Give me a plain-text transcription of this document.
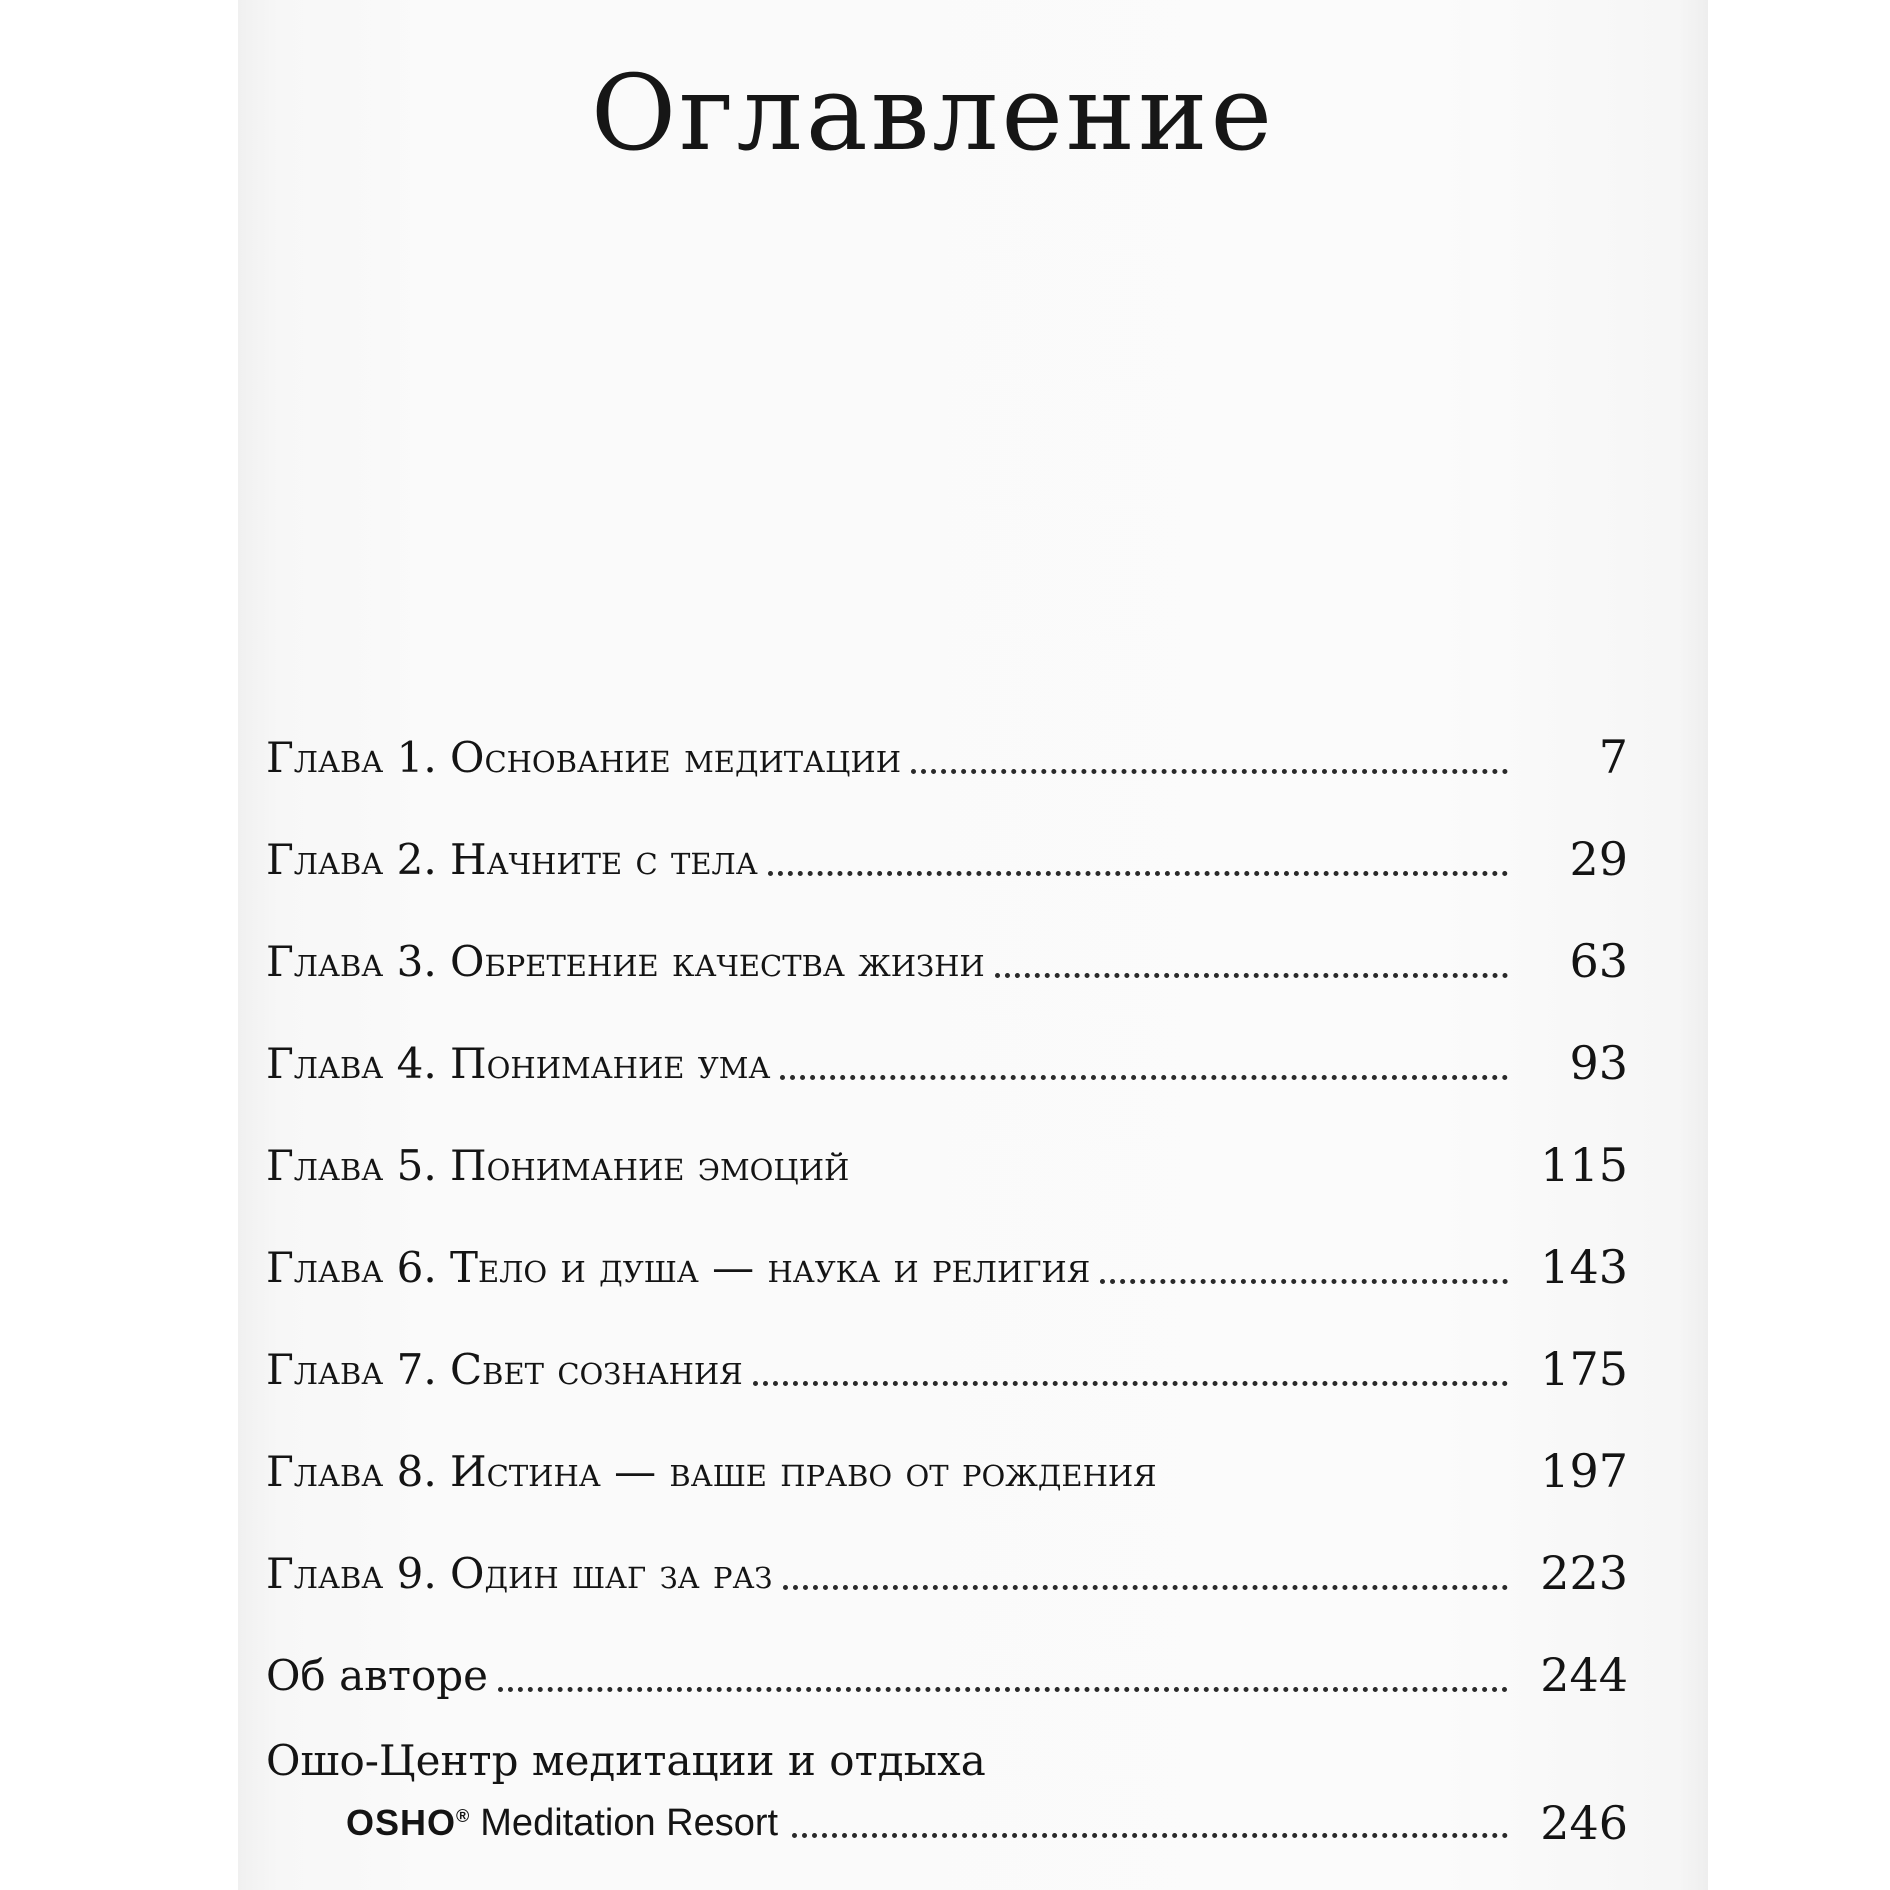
Оглавление
Глава 1. Основание медитации	7
Глава 2. Начните с тела	29
Глава 3. Обретение качества жизни	63
Глава 4. Понимание ума	93
Глава 5. Понимание эмоций	115
Глава 6. Тело и душа — наука и религия	143
Глава 7. Свет сознания	175
Глава 8. Истина — ваше право от рождения	197
Глава 9. Один шаг за раз	223
Об авторе	244
Ошо-Центр медитации и отдыха
OSHO® Meditation Resort	246
